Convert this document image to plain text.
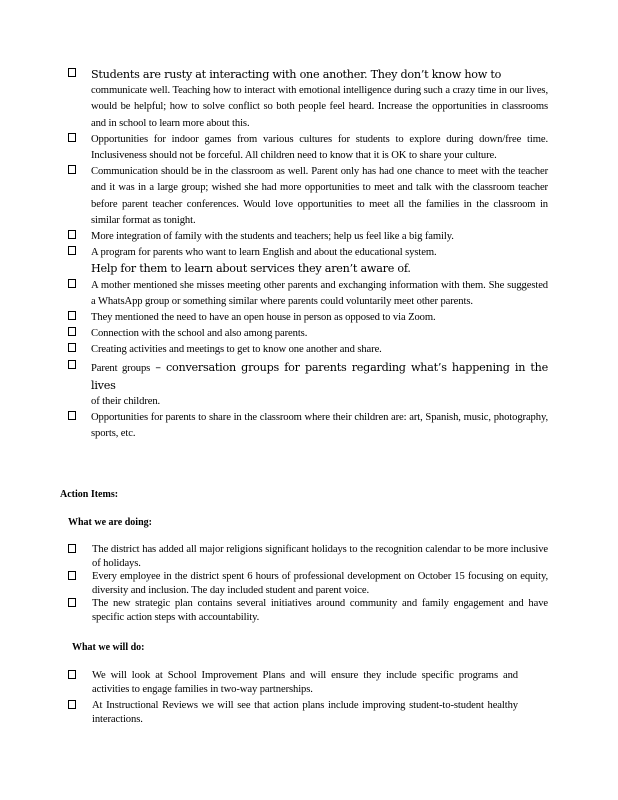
Students are rusty at interacting with one another. They don’t know how to
communicate well. Teaching how to interact with emotional intelligence during such a crazy time in our lives, would be helpful; how to solve conflict so both people feel heard. Increase the opportunities in classrooms and in school to learn more about this.
Opportunities for indoor games from various cultures for students to explore during down/free time. Inclusiveness should not be forceful. All children need to know that it is OK to share your culture.
Communication should be in the classroom as well. Parent only has had one chance to meet with the teacher and it was in a large group; wished she had more opportunities to meet and talk with the classroom teacher before parent teacher conferences. Would love opportunities to meet all the families in the classroom in similar format as tonight.
More integration of family with the students and teachers; help us feel like a big family.
A program for parents who want to learn English and about the educational system.
Help for them to learn about services they aren’t aware of.
A mother mentioned she misses meeting other parents and exchanging information with them. She suggested a WhatsApp group or something similar where parents could voluntarily meet other parents.
They mentioned the need to have an open house in person as opposed to via Zoom.
Connection with the school and also among parents.
Creating activities and meetings to get to know one another and share.
Parent groups – conversation groups for parents regarding what’s happening in the lives
of their children.
Opportunities for parents to share in the classroom where their children are: art, Spanish, music, photography, sports, etc.
Action Items:
What we are doing:
The district has added all major religions significant holidays to the recognition calendar to be more inclusive of holidays.
Every employee in the district spent 6 hours of professional development on October 15 focusing on equity, diversity and inclusion. The day included student and parent voice.
The new strategic plan contains several initiatives around community and family engagement and have specific action steps with accountability.
What we will do:
We will look at School Improvement Plans and will ensure they include specific programs and activities to engage families in two-way partnerships.
At Instructional Reviews we will see that action plans include improving student-to-student healthy interactions.
